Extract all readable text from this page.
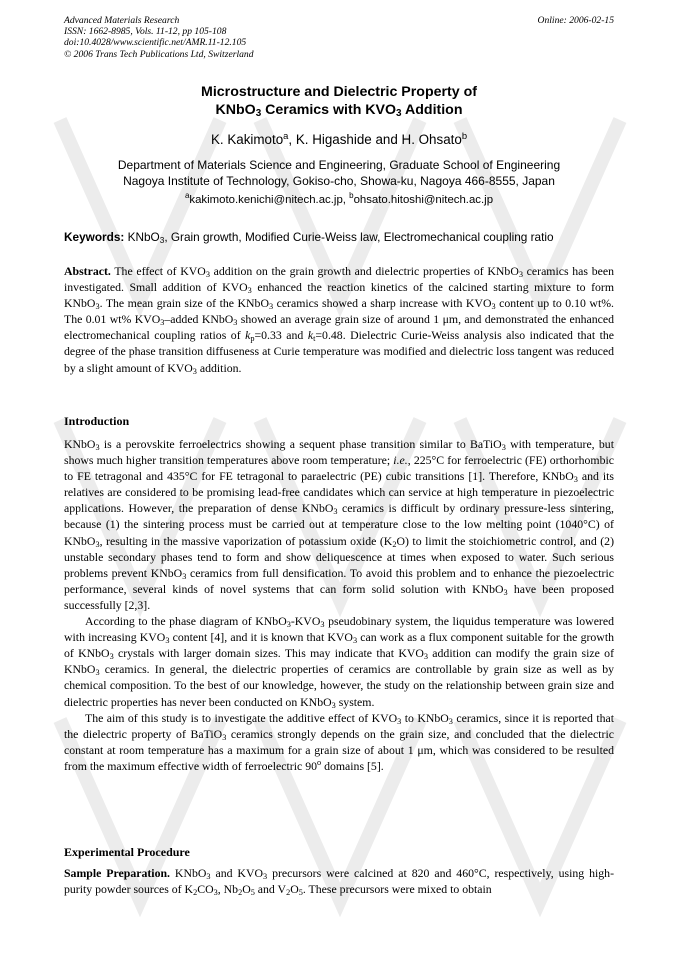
Advanced Materials Research
ISSN: 1662-8985, Vols. 11-12, pp 105-108
doi:10.4028/www.scientific.net/AMR.11-12.105
© 2006 Trans Tech Publications Ltd, Switzerland
Online: 2006-02-15
Microstructure and Dielectric Property of
KNbO$_3$ Ceramics with $KVO_3$ Addition
K. Kakimoto$^a$, K. Higashide and H. Ohsato$^b$
Department of Materials Science and Engineering, Graduate School of Engineering
Nagoya Institute of Technology, Gokiso-cho, Showa-ku, Nagoya 466-8555, Japan
$^a$kakimoto.kenichi@nitech.ac.jp, $^b$ohsato.hitoshi@nitech.ac.jp
Keywords: KNbO$_3$, Grain growth, Modified Curie-Weiss law, Electromechanical coupling ratio

Abstract. The effect of $KVO_3$ addition on the grain growth and dielectric properties of KNbO$_3$ ceramics has been investigated. Small addition of $KVO_3$ enhanced the reaction kinetics of the calcined starting mixture to form KNbO$_3$. The mean grain size of the KNbO$_3$ ceramics showed a sharp increase with $KVO_3$ content up to 0.10 wt%. The 0.01 wt% $KVO_3$–added KNbO$_3$ showed an average grain size of around 1 μm, and demonstrated the enhanced electromechanical coupling ratios of $k_p=0.33$ and $k_t=0.48$. Dielectric Curie-Weiss analysis also indicated that the degree of the phase transition diffuseness at Curie temperature was modified and dielectric loss tangent was reduced by a slight amount of $KVO_3$ addition.

Introduction

KNbO$_3$ is a perovskite ferroelectrics showing a sequent phase transition similar to BaTiO$_3$ with temperature, but shows much higher transition temperatures above room temperature; i.e., 225°C for ferroelectric (FE) orthorhombic to FE tetragonal and 435°C for FE tetragonal to paraelectric (PE) cubic transitions [1]. Therefore, KNbO$_3$ and its relatives are considered to be promising lead-free candidates which can service at high temperature in piezoelectric applications. However, the preparation of dense KNbO$_3$ ceramics is difficult by ordinary pressure-less sintering, because (1) the sintering process must be carried out at temperature close to the low melting point (1040°C) of KNbO$_3$, resulting in the massive vaporization of potassium oxide $(K_2O)$ to limit the stoichiometric control, and (2) unstable secondary phases tend to form and show deliquescence at times when exposed to water. Such serious problems prevent KNbO$_3$ ceramics from full densification. To avoid this problem and to enhance the piezoelectric performance, several kinds of novel systems that can form solid solution with KNbO$_3$ have been proposed successfully [2,3].

According to the phase diagram of $KNbO_3-KVO_3$ pseudobinary system, the liquidus temperature was lowered with increasing $KVO_3$ content [4], and it is known that $KVO_3$ can work as a flux component suitable for the growth of KNbO$_3$ crystals with larger domain sizes. This may indicate that $KVO_3$ addition can modify the grain size of KNbO$_3$ ceramics. In general, the dielectric properties of ceramics are controllable by grain size as well as by chemical composition. To the best of our knowledge, however, the study on the relationship between grain size and dielectric properties has never been conducted on KNbO$_3$ system.

The aim of this study is to investigate the additive effect of $KVO_3$ to KNbO$_3$ ceramics, since it is reported that the dielectric property of BaTiO$_3$ ceramics strongly depends on the grain size, and concluded that the dielectric constant at room temperature has a maximum for a grain size of about 1 μm, which was considered to be resulted from the maximum effective width of ferroelectric 90$^o$ domains [5].

Experimental Procedure

Sample Preparation. KNbO$_3$ and $KVO_3$ precursors were calcined at 820 and 460°C, respectively, using high-purity powder sources of $K_2CO_3$, $Nb_2O_5$ and $V_2O_5$. These precursors were mixed to obtain
